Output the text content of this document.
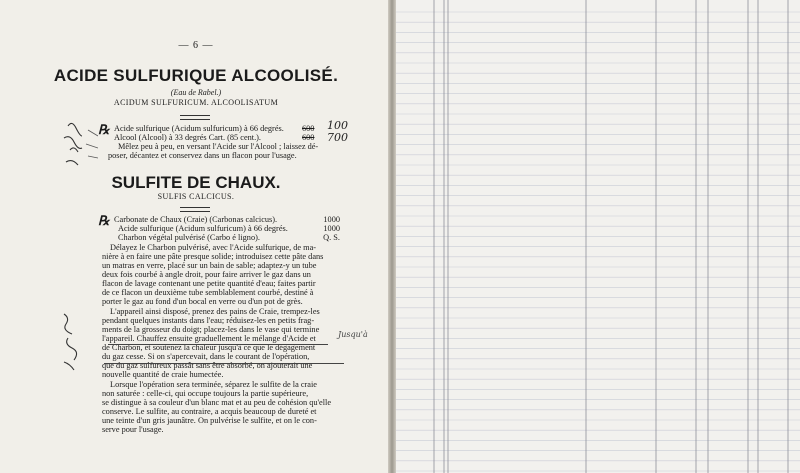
— 6 —
ACIDE SULFURIQUE ALCOOLISÉ.
(Eau de Rabel.)
ACIDUM SULFURICUM. ALCOOLISATUM
℞ Acide sulfurique (Acidum sulfuricum) à 66 degrés. 600
Alcool (Alcool) à 33 degrés Cart. (85 cent.).	600
Mêlez peu à peu, en versant l'Acide sur l'Alcool ; laissez dé-
poser, décantez et conservez dans un flacon pour l'usage.
100
700
SULFITE DE CHAUX.
SULFIS CALCICUS.
℞ Carbonate de Chaux (Craie) (Carbonas calcicus).	1000
Acide sulfurique (Acidum sulfuricum) à 66 degrés.	1000
Charbon végétal pulvérisé (Carbo é ligno).	Q. S.
Délayez le Charbon pulvérisé, avec l'Acide sulfurique, de ma-
nière à en faire une pâte presque solide; introduisez cette pâte dans
un matras en verre, placé sur un bain de sable; adaptez-y un tube
deux fois courbé à angle droit, pour faire arriver le gaz dans un
flacon de lavage contenant une petite quantité d'eau; faites partir
de ce flacon un deuxième tube semblablement courbé, destiné à
porter le gaz au fond d'un bocal en verre ou d'un pot de grès.
L'appareil ainsi disposé, prenez des pains de Craie, trempez-les
pendant quelques instants dans l'eau; réduisez-les en petits frag-
ments de la grosseur du doigt; placez-les dans le vase qui termine
l'appareil. Chauffez ensuite graduellement le mélange d'Acide et
de Charbon, et soutenez la chaleur jusqu'à ce que le dégagement
du gaz cesse. Si on s'apercevait, dans le courant de l'opération,
que du gaz sulfureux passât sans être absorbé, on ajouterait une
nouvelle quantité de craie humectée.
Lorsque l'opération sera terminée, séparez le sulfite de la craie
non saturée : celle-ci, qui occupe toujours la partie supérieure,
se distingue à sa couleur d'un blanc mat et au peu de cohésion qu'elle
conserve. Le sulfite, au contraire, a acquis beaucoup de dureté et
une teinte d'un gris jaunâtre. On pulvérise le sulfite, et on le con-
serve pour l'usage.
Jusqu'à
